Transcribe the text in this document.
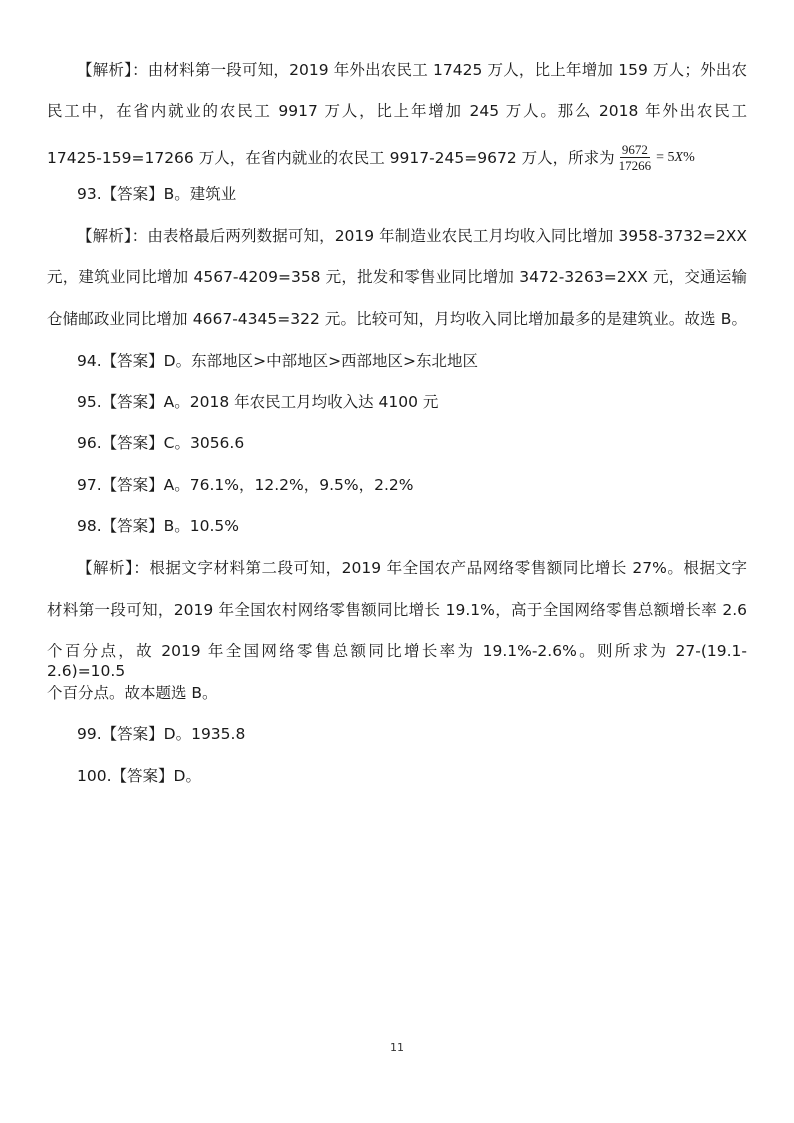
【解析】：由材料第一段可知，2019 年外出农民工 17425 万人，比上年增加 159 万人；外出农
民工中，在省内就业的农民工 9917 万人，比上年增加 245 万人。那么 2018 年外出农民工
17425-159=17266 万人，在省内就业的农民工 9917-245=9672 万人，所求为 $\frac{9672}{17266} = 5X\%$
93.【答案】B。建筑业
【解析】：由表格最后两列数据可知，2019 年制造业农民工月均收入同比增加 3958-3732=2XX
元，建筑业同比增加 4567-4209=358 元，批发和零售业同比增加 3472-3263=2XX 元，交通运输
仓储邮政业同比增加 4667-4345=322 元。比较可知，月均收入同比增加最多的是建筑业。故选 B。
94.【答案】D。东部地区>中部地区>西部地区>东北地区
95.【答案】A。2018 年农民工月均收入达 4100 元
96.【答案】C。3056.6
97.【答案】A。76.1%，12.2%，9.5%，2.2%
98.【答案】B。10.5%
【解析】：根据文字材料第二段可知，2019 年全国农产品网络零售额同比增长 27%。根据文字
材料第一段可知，2019 年全国农村网络零售额同比增长 19.1%，高于全国网络零售总额增长率 2.6
个百分点，故 2019 年全国网络零售总额同比增长率为 19.1%-2.6%。则所求为 27-(19.1-2.6)=10.5
个百分点。故本题选 B。
99.【答案】D。1935.8
100.【答案】D。
11
